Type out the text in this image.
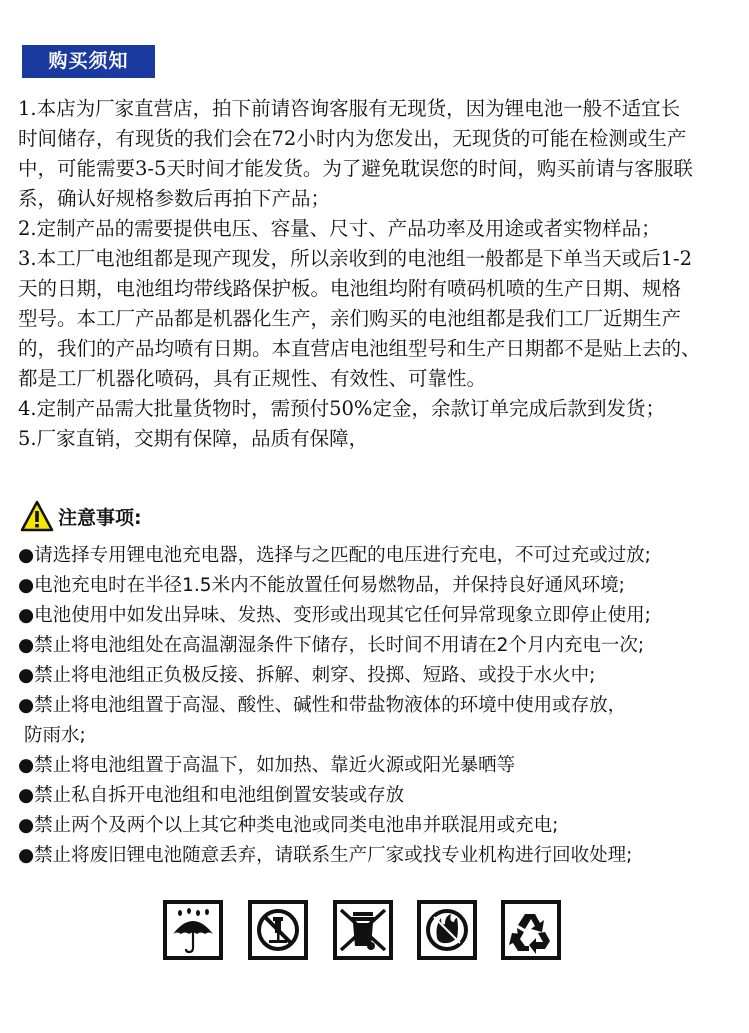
购买须知

1.本店为厂家直营店，拍下前请咨询客服有无现货，因为锂电池一般不适宜长

时间储存，有现货的我们会在72小时内为您发出，无现货的可能在检测或生产

中，可能需要3-5天时间才能发货。为了避免耽误您的时间，购买前请与客服联

系，确认好规格参数后再拍下产品；

2.定制产品的需要提供电压、容量、尺寸、产品功率及用途或者实物样品；

3.本工厂电池组都是现产现发，所以亲收到的电池组一般都是下单当天或后1-2

天的日期，电池组均带线路保护板。电池组均附有喷码机喷的生产日期、规格

型号。本工厂产品都是机器化生产，亲们购买的电池组都是我们工厂近期生产

的，我们的产品均喷有日期。本直营店电池组型号和生产日期都不是贴上去的、

都是工厂机器化喷码，具有正规性、有效性、可靠性。

4.定制产品需大批量货物时，需预付50%定金，余款订单完成后款到发货；

5.厂家直销，交期有保障，品质有保障，

注意事项:

●请选择专用锂电池充电器，选择与之匹配的电压进行充电，不可过充或过放;

●电池充电时在半径1.5米内不能放置任何易燃物品，并保持良好通风环境;

●电池使用中如发出异味、发热、变形或出现其它任何异常现象立即停止使用;

●禁止将电池组处在高温潮湿条件下储存，长时间不用请在2个月内充电一次;

●禁止将电池组正负极反接、拆解、刺穿、投掷、短路、或投于水火中;

●禁止将电池组置于高湿、酸性、碱性和带盐物液体的环境中使用或存放，

防雨水;

●禁止将电池组置于高温下，如加热、靠近火源或阳光暴晒等

●禁止私自拆开电池组和电池组倒置安装或存放

●禁止两个及两个以上其它种类电池或同类电池串并联混用或充电;

●禁止将废旧锂电池随意丢弃，请联系生产厂家或找专业机构进行回收处理;
